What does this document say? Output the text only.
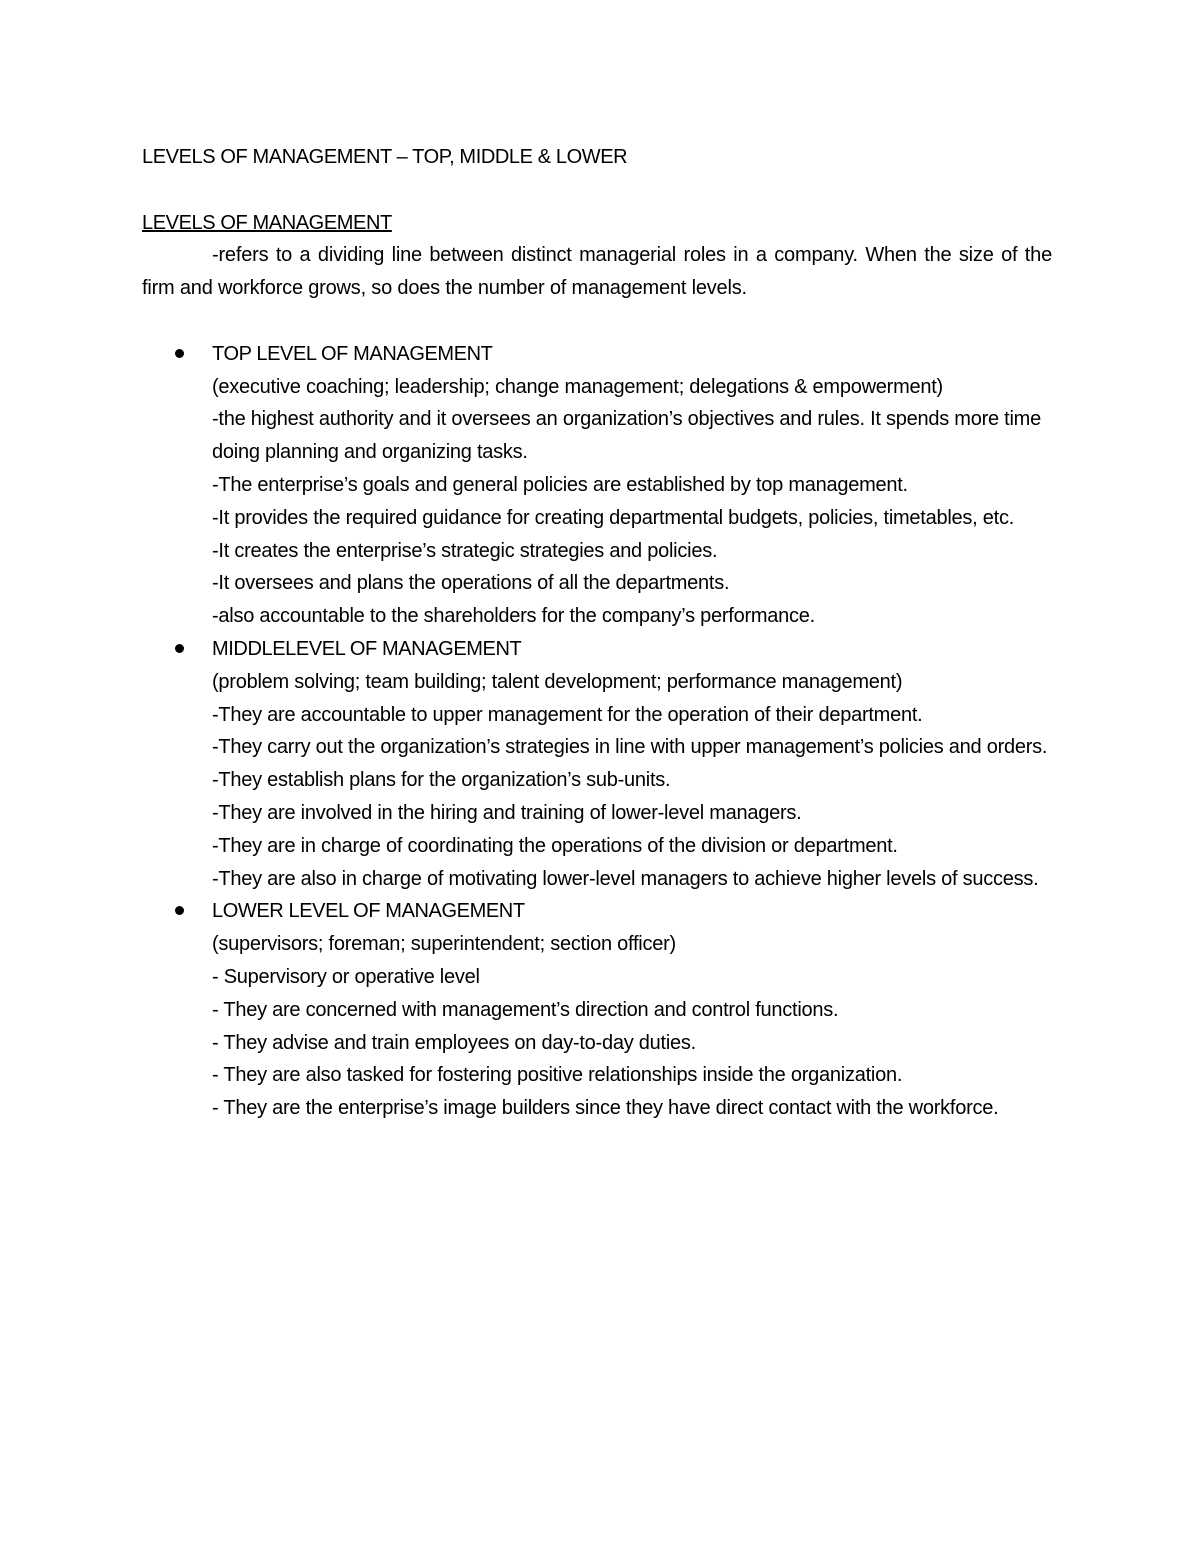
LEVELS OF MANAGEMENT – TOP, MIDDLE & LOWER
LEVELS OF MANAGEMENT

-refers to a dividing line between distinct managerial roles in a company. When the size of the firm and workforce grows, so does the number of management levels.

TOP LEVEL OF MANAGEMENT
(executive coaching; leadership; change management; delegations & empowerment)
-the highest authority and it oversees an organization’s objectives and rules. It spends more time doing planning and organizing tasks.
-The enterprise’s goals and general policies are established by top management.
-It provides the required guidance for creating departmental budgets, policies, timetables, etc.
-It creates the enterprise’s strategic strategies and policies.
-It oversees and plans the operations of all the departments.
-also accountable to the shareholders for the company’s performance.
MIDDLELEVEL OF MANAGEMENT
(problem solving; team building; talent development; performance management)
-They are accountable to upper management for the operation of their department.
-They carry out the organization’s strategies in line with upper management’s policies and orders.
-They establish plans for the organization’s sub-units.
-They are involved in the hiring and training of lower-level managers.
-They are in charge of coordinating the operations of the division or department.
-They are also in charge of motivating lower-level managers to achieve higher levels of success.
LOWER LEVEL OF MANAGEMENT
(supervisors; foreman; superintendent; section officer)
- Supervisory or operative level
- They are concerned with management’s direction and control functions.
- They advise and train employees on day-to-day duties.
- They are also tasked for fostering positive relationships inside the organization.
- They are the enterprise’s image builders since they have direct contact with the workforce.
